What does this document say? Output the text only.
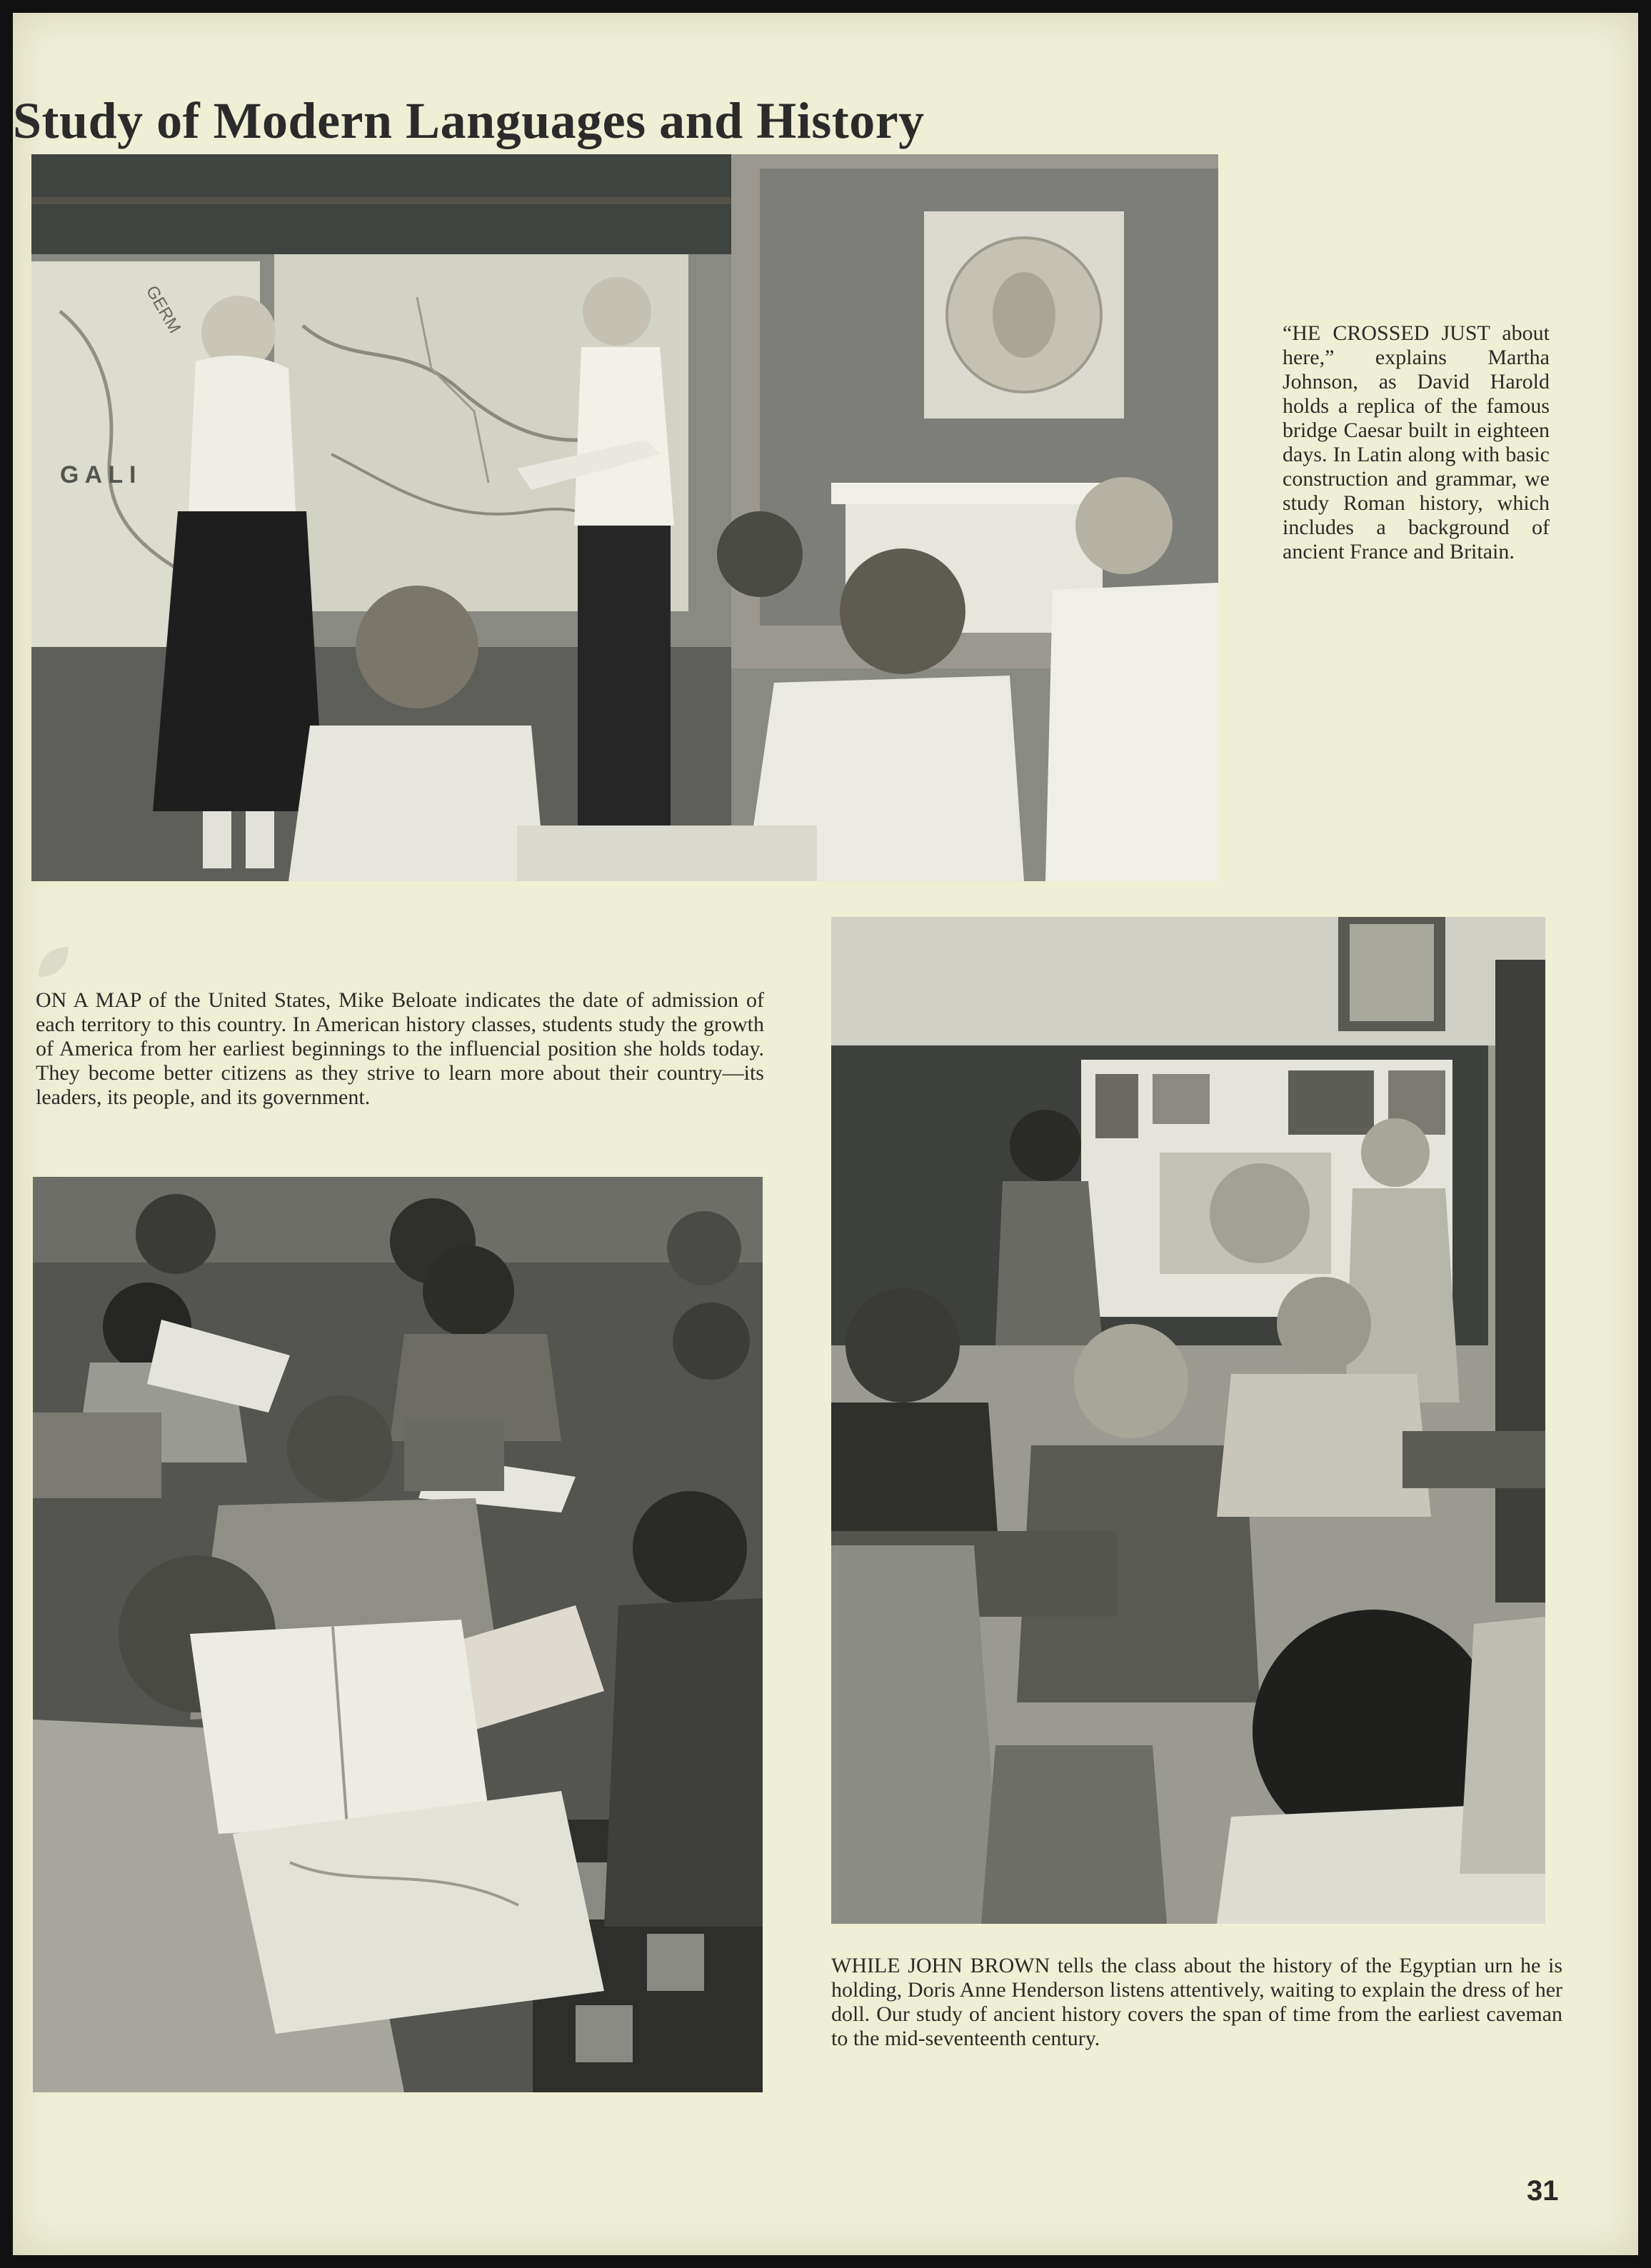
Study of Modern Languages and History
G A L I
GERM	“HE CROSSED JUST about here,” explains Martha Johnson, as David Harold holds a replica of the famous bridge Caesar built in eighteen days. In Latin along with basic construction and grammar, we study Roman history, which includes a background of ancient France and Britain.
ON A MAP of the United States, Mike Beloate indicates the date of admission of each territory to this country. In American history classes, students study the growth of America from her earliest beginnings to the influencial position she holds today. They become better citizens as they strive to learn more about their country—its leaders, its people, and its government.
WHILE JOHN BROWN tells the class about the history of the Egyptian urn he is holding, Doris Anne Henderson listens attentively, waiting to explain the dress of her doll. Our study of ancient history covers the span of time from the earliest caveman to the mid-seventeenth century.
31
